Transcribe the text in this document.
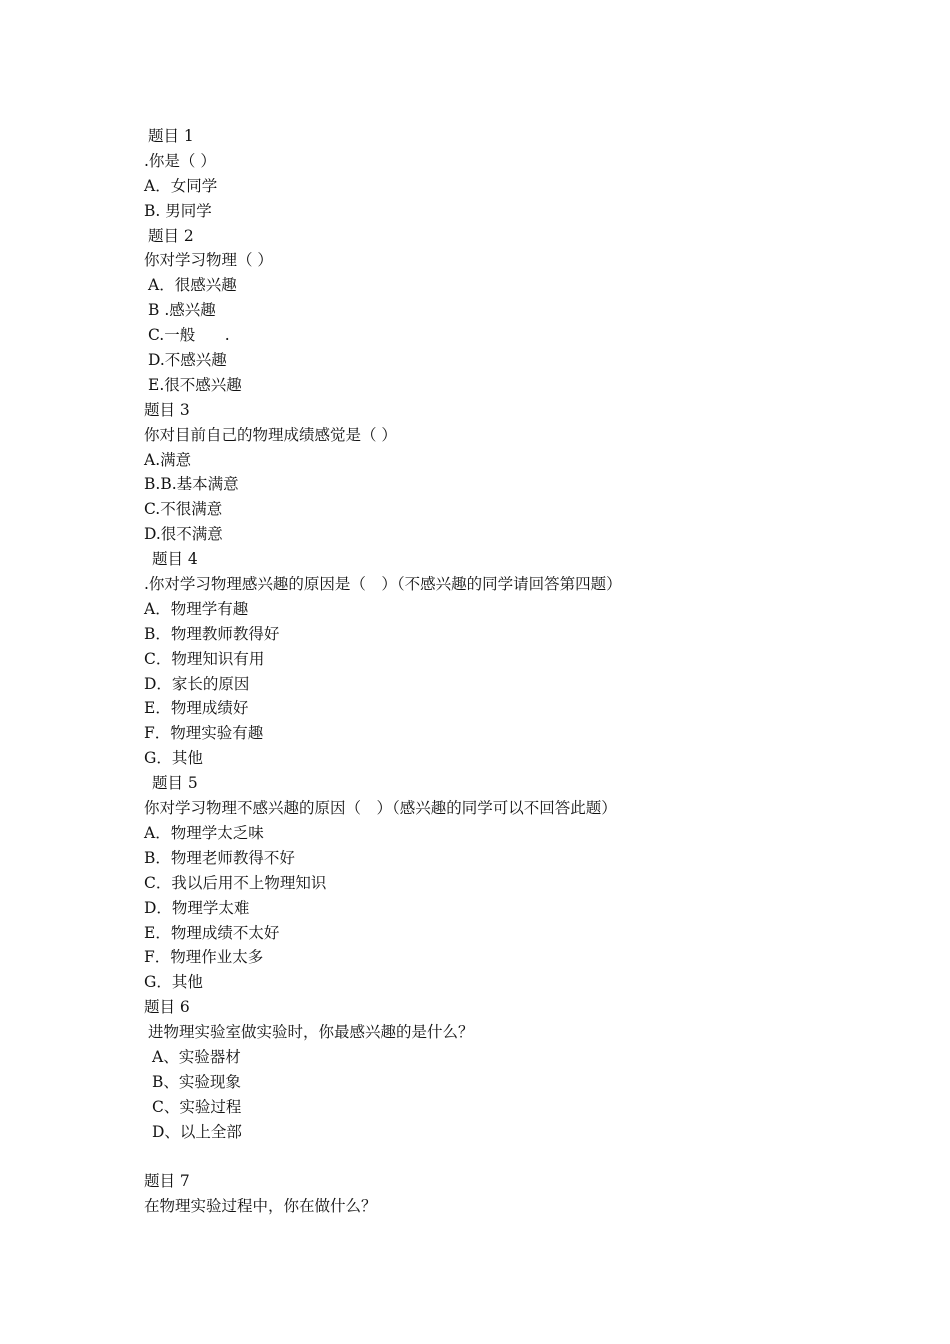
题目 1
.你是（ ）
A．女同学
B. 男同学
题目 2
你对学习物理（ ）
A．很感兴趣
B .感兴趣
C.一般      .
D.不感兴趣
E.很不感兴趣
题目 3
你对目前自己的物理成绩感觉是（ ）
A.满意
B.B.基本满意
C.不很满意
D.很不满意
题目 4
.你对学习物理感兴趣的原因是（　）（不感兴趣的同学请回答第四题）
A．物理学有趣
B．物理教师教得好
C．物理知识有用
D．家长的原因
E．物理成绩好
F．物理实验有趣
G．其他
题目 5
你对学习物理不感兴趣的原因（　）（感兴趣的同学可以不回答此题）
A．物理学太乏味
B．物理老师教得不好
C．我以后用不上物理知识
D．物理学太难
E．物理成绩不太好
F．物理作业太多
G．其他
题目 6
进物理实验室做实验时，你最感兴趣的是什么？
A、实验器材
B、实验现象
C、实验过程
D、以上全部
题目 7
在物理实验过程中，你在做什么？
